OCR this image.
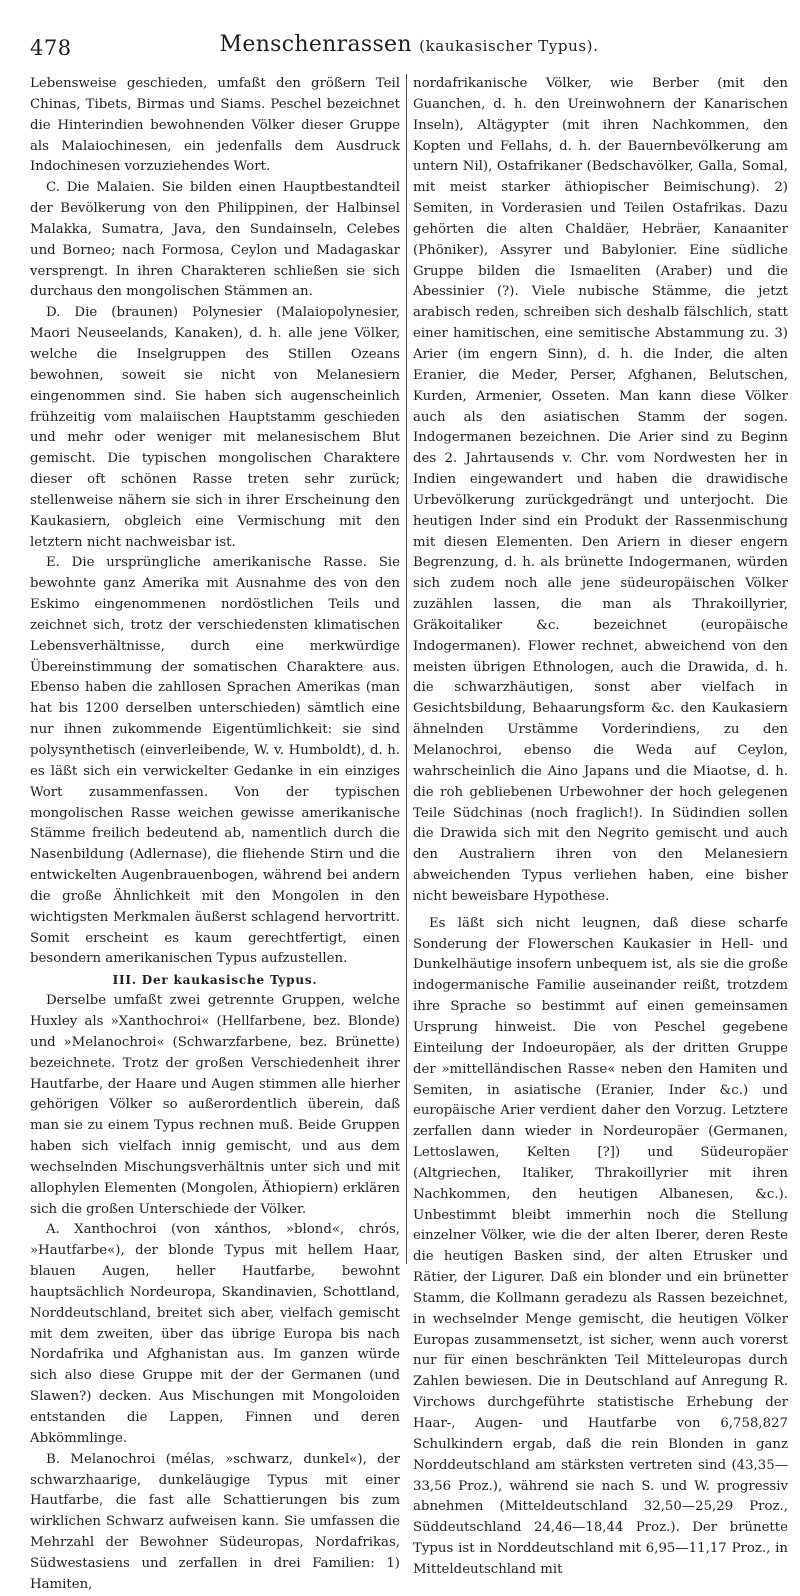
478	Menschenrassen (kaukasischer Typus).

Lebensweise geschieden, umfaßt den größern Teil Chinas, Tibets, Birmas und Siams. Peschel bezeichnet die Hinterindien bewohnenden Völker dieser Gruppe als Malaiochinesen, ein jedenfalls dem Ausdruck Indochinesen vorzuziehendes Wort.

C. Die Malaien. Sie bilden einen Hauptbestandteil der Bevölkerung von den Philippinen, der Halbinsel Malakka, Sumatra, Java, den Sundainseln, Celebes und Borneo; nach Formosa, Ceylon und Madagaskar versprengt. In ihren Charakteren schließen sie sich durchaus den mongolischen Stämmen an.

D. Die (braunen) Polynesier (Malaiopolynesier, Maori Neuseelands, Kanaken), d. h. alle jene Völker, welche die Inselgruppen des Stillen Ozeans bewohnen, soweit sie nicht von Melanesiern eingenommen sind. Sie haben sich augenscheinlich frühzeitig vom malaiischen Hauptstamm geschieden und mehr oder weniger mit melanesischem Blut gemischt. Die typischen mongolischen Charaktere dieser oft schönen Rasse treten sehr zurück; stellenweise nähern sie sich in ihrer Erscheinung den Kaukasiern, obgleich eine Vermischung mit den letztern nicht nachweisbar ist.

E. Die ursprüngliche amerikanische Rasse. Sie bewohnte ganz Amerika mit Ausnahme des von den Eskimo eingenommenen nordöstlichen Teils und zeichnet sich, trotz der verschiedensten klimatischen Lebensverhältnisse, durch eine merkwürdige Übereinstimmung der somatischen Charaktere aus. Ebenso haben die zahllosen Sprachen Amerikas (man hat bis 1200 derselben unterschieden) sämtlich eine nur ihnen zukommende Eigentümlichkeit: sie sind polysynthetisch (einverleibende, W. v. Humboldt), d. h. es läßt sich ein verwickelter Gedanke in ein einziges Wort zusammenfassen. Von der typischen mongolischen Rasse weichen gewisse amerikanische Stämme freilich bedeutend ab, namentlich durch die Nasenbildung (Adlernase), die fliehende Stirn und die entwickelten Augenbrauenbogen, während bei andern die große Ähnlichkeit mit den Mongolen in den wichtigsten Merkmalen äußerst schlagend hervortritt. Somit erscheint es kaum gerechtfertigt, einen besondern amerikanischen Typus aufzustellen.

III. Der kaukasische Typus.

Derselbe umfaßt zwei getrennte Gruppen, welche Huxley als »Xanthochroi« (Hellfarbene, bez. Blonde) und »Melanochroi« (Schwarzfarbene, bez. Brünette) bezeichnete. Trotz der großen Verschiedenheit ihrer Hautfarbe, der Haare und Augen stimmen alle hierher gehörigen Völker so außerordentlich überein, daß man sie zu einem Typus rechnen muß. Beide Gruppen haben sich vielfach innig gemischt, und aus dem wechselnden Mischungsverhältnis unter sich und mit allophylen Elementen (Mongolen, Äthiopiern) erklären sich die großen Unterschiede der Völker.

A. Xanthochroi (von xánthos, »blond«, chrós, »Hautfarbe«), der blonde Typus mit hellem Haar, blauen Augen, heller Hautfarbe, bewohnt hauptsächlich Nordeuropa, Skandinavien, Schottland, Norddeutschland, breitet sich aber, vielfach gemischt mit dem zweiten, über das übrige Europa bis nach Nordafrika und Afghanistan aus. Im ganzen würde sich also diese Gruppe mit der der Germanen (und Slawen?) decken. Aus Mischungen mit Mongoloiden entstanden die Lappen, Finnen und deren Abkömmlinge.

B. Melanochroi (mélas, »schwarz, dunkel«), der schwarzhaarige, dunkeläugige Typus mit einer Hautfarbe, die fast alle Schattierungen bis zum wirklichen Schwarz aufweisen kann. Sie umfassen die Mehrzahl der Bewohner Südeuropas, Nordafrikas, Südwestasiens und zerfallen in drei Familien: 1) Hamiten,

nordafrikanische Völker, wie Berber (mit den Guanchen, d. h. den Ureinwohnern der Kanarischen Inseln), Altägypter (mit ihren Nachkommen, den Kopten und Fellahs, d. h. der Bauernbevölkerung am untern Nil), Ostafrikaner (Bedschavölker, Galla, Somal, mit meist starker äthiopischer Beimischung). 2) Semiten, in Vorderasien und Teilen Ostafrikas. Dazu gehörten die alten Chaldäer, Hebräer, Kanaaniter (Phöniker), Assyrer und Babylonier. Eine südliche Gruppe bilden die Ismaeliten (Araber) und die Abessinier (?). Viele nubische Stämme, die jetzt arabisch reden, schreiben sich deshalb fälschlich, statt einer hamitischen, eine semitische Abstammung zu. 3) Arier (im engern Sinn), d. h. die Inder, die alten Eranier, die Meder, Perser, Afghanen, Belutschen, Kurden, Armenier, Osseten. Man kann diese Völker auch als den asiatischen Stamm der sogen. Indogermanen bezeichnen. Die Arier sind zu Beginn des 2. Jahrtausends v. Chr. vom Nordwesten her in Indien eingewandert und haben die drawidische Urbevölkerung zurückgedrängt und unterjocht. Die heutigen Inder sind ein Produkt der Rassenmischung mit diesen Elementen. Den Ariern in dieser engern Begrenzung, d. h. als brünette Indogermanen, würden sich zudem noch alle jene südeuropäischen Völker zuzählen lassen, die man als Thrakoillyrier, Gräkoitaliker &c. bezeichnet (europäische Indogermanen). Flower rechnet, abweichend von den meisten übrigen Ethnologen, auch die Drawida, d. h. die schwarzhäutigen, sonst aber vielfach in Gesichtsbildung, Behaarungsform &c. den Kaukasiern ähnelnden Urstämme Vorderindiens, zu den Melanochroi, ebenso die Weda auf Ceylon, wahrscheinlich die Aino Japans und die Miaotse, d. h. die roh gebliebenen Urbewohner der hoch gelegenen Teile Südchinas (noch fraglich!). In Südindien sollen die Drawida sich mit den Negrito gemischt und auch den Australiern ihren von den Melanesiern abweichenden Typus verliehen haben, eine bisher nicht beweisbare Hypothese.

Es läßt sich nicht leugnen, daß diese scharfe Sonderung der Flowerschen Kaukasier in Hell- und Dunkelhäutige insofern unbequem ist, als sie die große indogermanische Familie auseinander reißt, trotzdem ihre Sprache so bestimmt auf einen gemeinsamen Ursprung hinweist. Die von Peschel gegebene Einteilung der Indoeuropäer, als der dritten Gruppe der »mittelländischen Rasse« neben den Hamiten und Semiten, in asiatische (Eranier, Inder &c.) und europäische Arier verdient daher den Vorzug. Letztere zerfallen dann wieder in Nordeuropäer (Germanen, Lettoslawen, Kelten [?]) und Südeuropäer (Altgriechen, Italiker, Thrakoillyrier mit ihren Nachkommen, den heutigen Albanesen, &c.). Unbestimmt bleibt immerhin noch die Stellung einzelner Völker, wie die der alten Iberer, deren Reste die heutigen Basken sind, der alten Etrusker und Rätier, der Ligurer. Daß ein blonder und ein brünetter Stamm, die Kollmann geradezu als Rassen bezeichnet, in wechselnder Menge gemischt, die heutigen Völker Europas zusammensetzt, ist sicher, wenn auch vorerst nur für einen beschränkten Teil Mitteleuropas durch Zahlen bewiesen. Die in Deutschland auf Anregung R. Virchows durchgeführte statistische Erhebung der Haar-, Augen- und Hautfarbe von 6,758,827 Schulkindern ergab, daß die rein Blonden in ganz Norddeutschland am stärksten vertreten sind (43,35—33,56 Proz.), während sie nach S. und W. progressiv abnehmen (Mitteldeutschland 32,50—25,29 Proz., Süddeutschland 24,46—18,44 Proz.). Der brünette Typus ist in Norddeutschland mit 6,95—11,17 Proz., in Mitteldeutschland mit
